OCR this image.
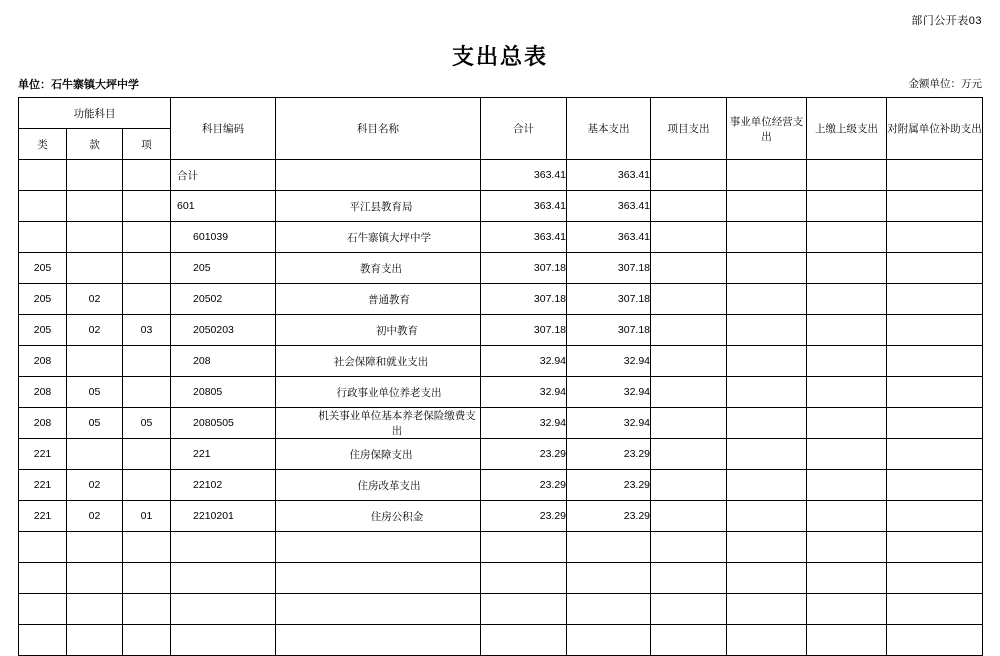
部门公开表03
支出总表
单位：石牛寨镇大坪中学	金额单位：万元
功能科目			科目编码	科目名称	合计	基本支出	项目支出	事业单位经营支出	上缴上级支出	对附属单位补助支出
类	款	项								
			合计		363.41	363.41				
			601	平江县教育局	363.41	363.41				
			601039	石牛寨镇大坪中学	363.41	363.41				
205			205	教育支出	307.18	307.18				
205	02		20502	普通教育	307.18	307.18				
205	02	03	2050203	初中教育	307.18	307.18				
208			208	社会保障和就业支出	32.94	32.94				
208	05		20805	行政事业单位养老支出	32.94	32.94				
208	05	05	2080505	机关事业单位基本养老保险缴费支出	32.94	32.94				
221			221	住房保障支出	23.29	23.29				
221	02		22102	住房改革支出	23.29	23.29				
221	02	01	2210201	住房公积金	23.29	23.29				
